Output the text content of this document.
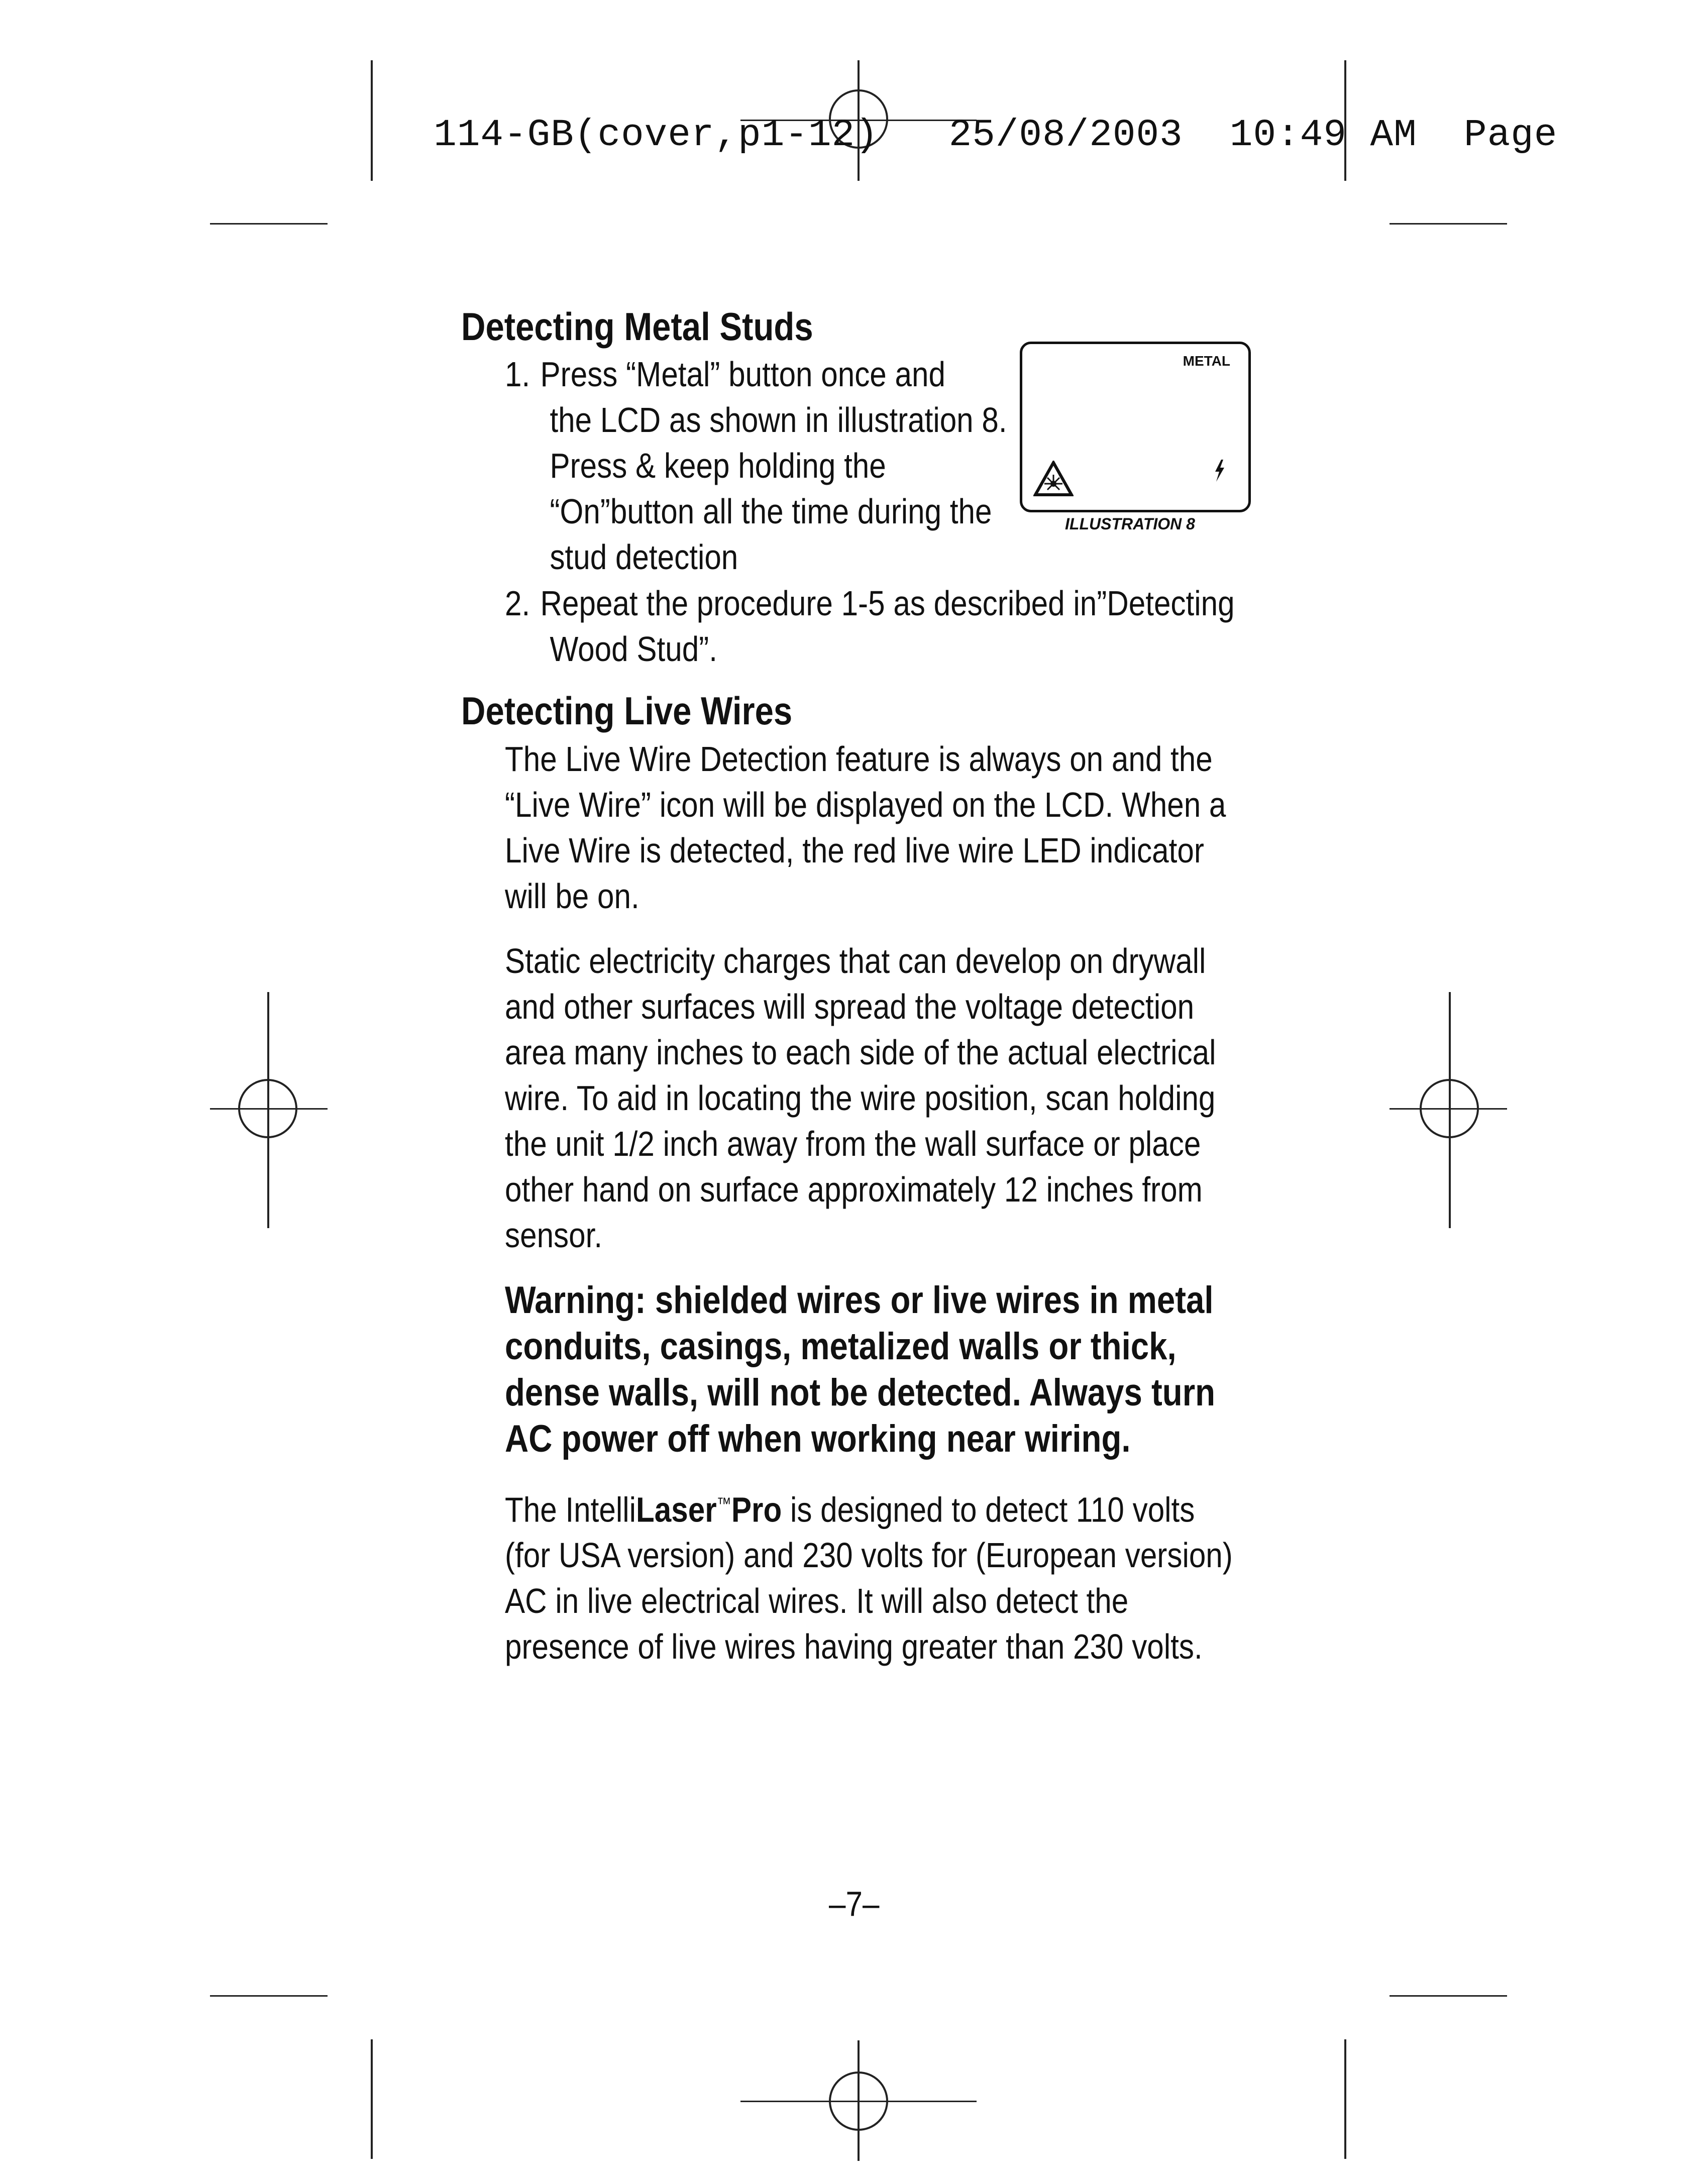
114-GB(cover,p1-12) 25/08/2003 10:49 AM Page

Detecting Metal Studs
1. Press “Metal” button once and
the LCD as shown in illustration 8.
Press & keep holding the
“On”button all the time during the
stud detection
2. Repeat the procedure 1-5 as described in”Detecting
Wood Stud”.
METAL
ILLUSTRATION 8
Detecting Live Wires

The Live Wire Detection feature is always on and the “Live Wire” icon will be displayed on the LCD. When a Live Wire is detected, the red live wire LED indicator will be on.

Static electricity charges that can develop on drywall and other surfaces will spread the voltage detection area many inches to each side of the actual electrical wire. To aid in locating the wire position, scan holding the unit 1/2 inch away from the wall surface or place other hand on surface approximately 12 inches from sensor.

Warning: shielded wires or live wires in metal conduits, casings, metalized walls or thick, dense walls, will not be detected. Always turn AC power off when working near wiring.

The IntelliLaser™Pro is designed to detect 110 volts (for USA version) and 230 volts for (European version) AC in live electrical wires. It will also detect the presence of live wires having greater than 230 volts.

–7–
